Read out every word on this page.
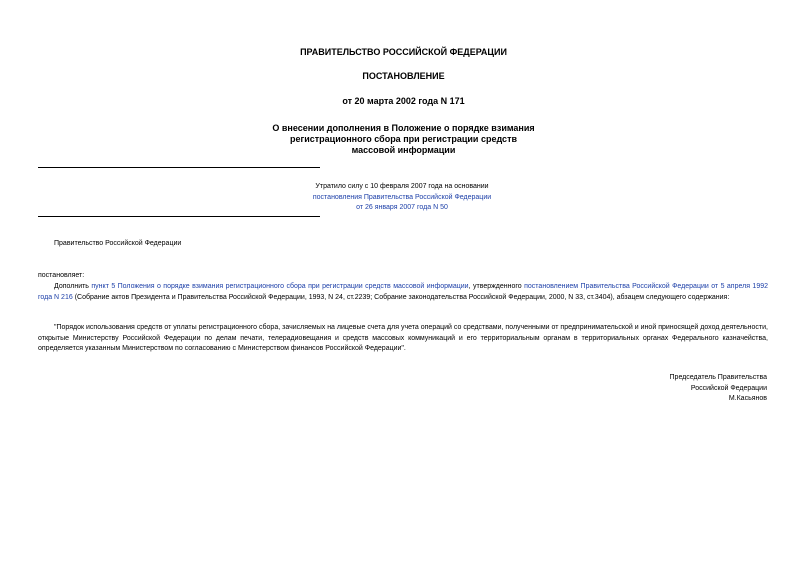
ПРАВИТЕЛЬСТВО РОССИЙСКОЙ ФЕДЕРАЦИИ
ПОСТАНОВЛЕНИЕ
от 20 марта 2002 года N 171
О внесении дополнения в Положение о порядке взимания
регистрационного сбора при регистрации средств
массовой информации
Утратило силу с 10 февраля 2007 года на основании
постановления Правительства Российской Федерации
от 26 января 2007 года N 50
Правительство Российской Федерации
постановляет:
Дополнить пункт 5 Положения о порядке взимания регистрационного сбора при регистрации средств массовой информации, утвержденного постановлением Правительства Российской Федерации от 5 апреля 1992 года N 216 (Собрание актов Президента и Правительства Российской Федерации, 1993, N 24, ст.2239; Собрание законодательства Российской Федерации, 2000, N 33, ст.3404), абзацем следующего содержания:
"Порядок использования средств от уплаты регистрационного сбора, зачисляемых на лицевые счета для учета операций со средствами, полученными от предпринимательской и иной приносящей доход деятельности, открытые Министерству Российской Федерации по делам печати, телерадиовещания и средств массовых коммуникаций и его территориальным органам в территориальных органах Федерального казначейства, определяется указанным Министерством по согласованию с Министерством финансов Российской Федерации".
Председатель Правительства
Российской Федерации
М.Касьянов
